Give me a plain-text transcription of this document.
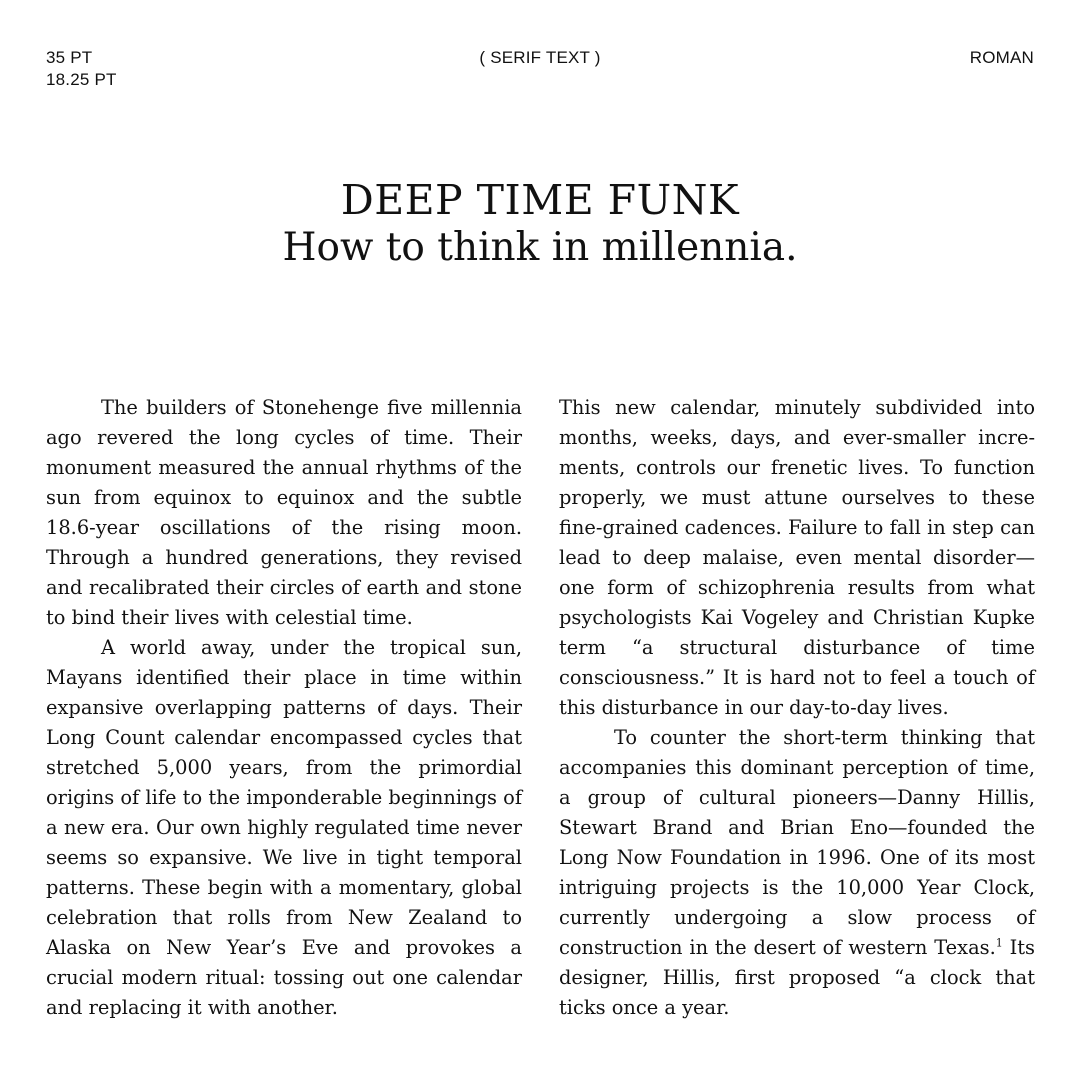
35 PT
18.25 PT
( SERIF TEXT )	ROMAN
DEEP TIME FUNK
How to think in millennia.

The builders of Stonehenge five millennia ago revered the long cycles of time. Their monument measured the annual rhythms of the sun from equinox to equinox and the subtle 18.6-year oscillations of the rising moon. Through a hundred generations, they revised and recalibrated their circles of earth and stone to bind their lives with celestial time.

A world away, under the tropical sun, Mayans identified their place in time within expansive overlapping patterns of days. Their Long Count calendar encompassed cycles that stretched 5,000 years, from the primordial origins of life to the imponderable beginnings of a new era. Our own highly regulated time never seems so expansive. We live in tight temporal patterns. These begin with a momentary, global celebration that rolls from New Zealand to Alaska on New Year’s Eve and provokes a crucial modern ritual: tossing out one calendar and replacing it with another.

This new calendar, minutely subdivided into months, weeks, days, and ever-smaller increments, controls our frenetic lives. To function properly, we must attune ourselves to these fine-grained cadences. Failure to fall in step can lead to deep malaise, even mental disorder—one form of schizophrenia results from what psychologists Kai Vogeley and Christian Kupke term “a structural disturbance of time consciousness.” It is hard not to feel a touch of this disturbance in our day-to-day lives.

To counter the short-term thinking that accompanies this dominant perception of time, a group of cultural pioneers—Danny Hillis, Stewart Brand and Brian Eno—founded the Long Now Foundation in 1996. One of its most intriguing projects is the 10,000 Year Clock, currently undergoing a slow process of construction in the desert of western Texas.$^1$ Its designer, Hillis, first proposed “a clock that ticks once a year.
